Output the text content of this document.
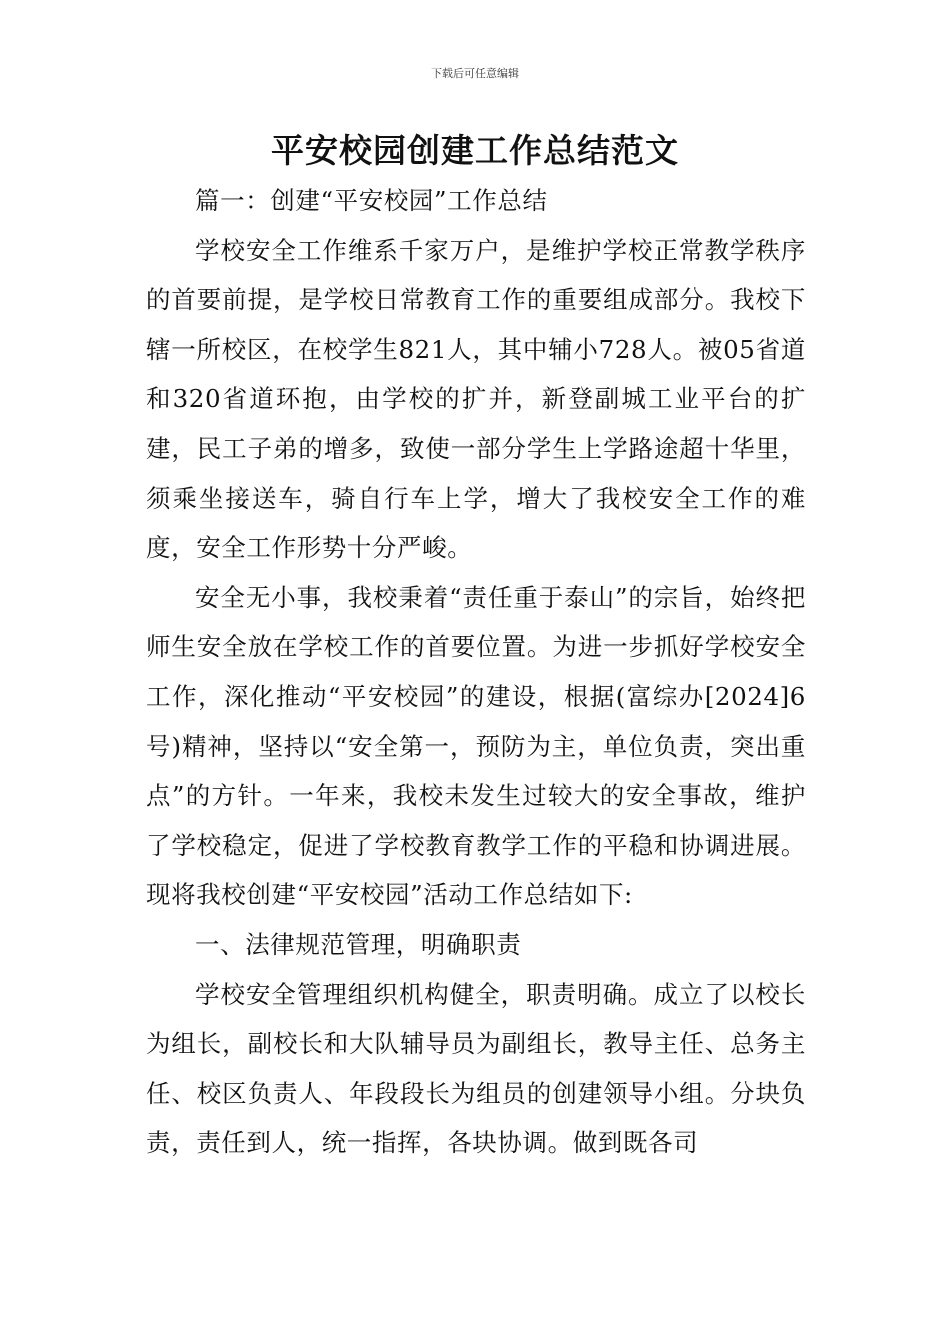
下载后可任意编辑
平安校园创建工作总结范文

篇一：创建“平安校园”工作总结

学校安全工作维系千家万户，是维护学校正常教学秩序的首要前提，是学校日常教育工作的重要组成部分。我校下辖一所校区，在校学生821人，其中辅小728人。被05省道和320省道环抱，由学校的扩并，新登副城工业平台的扩建，民工子弟的增多，致使一部分学生上学路途超十华里，须乘坐接送车，骑自行车上学，增大了我校安全工作的难度，安全工作形势十分严峻。

安全无小事，我校秉着“责任重于泰山”的宗旨，始终把师生安全放在学校工作的首要位置。为进一步抓好学校安全工作，深化推动“平安校园”的建设，根据(富综办[2024]6号)精神，坚持以“安全第一，预防为主，单位负责，突出重点”的方针。一年来，我校未发生过较大的安全事故，维护了学校稳定，促进了学校教育教学工作的平稳和协调进展。现将我校创建“平安校园”活动工作总结如下:

一、法律规范管理，明确职责

学校安全管理组织机构健全，职责明确。成立了以校长为组长，副校长和大队辅导员为副组长，教导主任、总务主任、校区负责人、年段段长为组员的创建领导小组。分块负责，责任到人，统一指挥，各块协调。做到既各司
